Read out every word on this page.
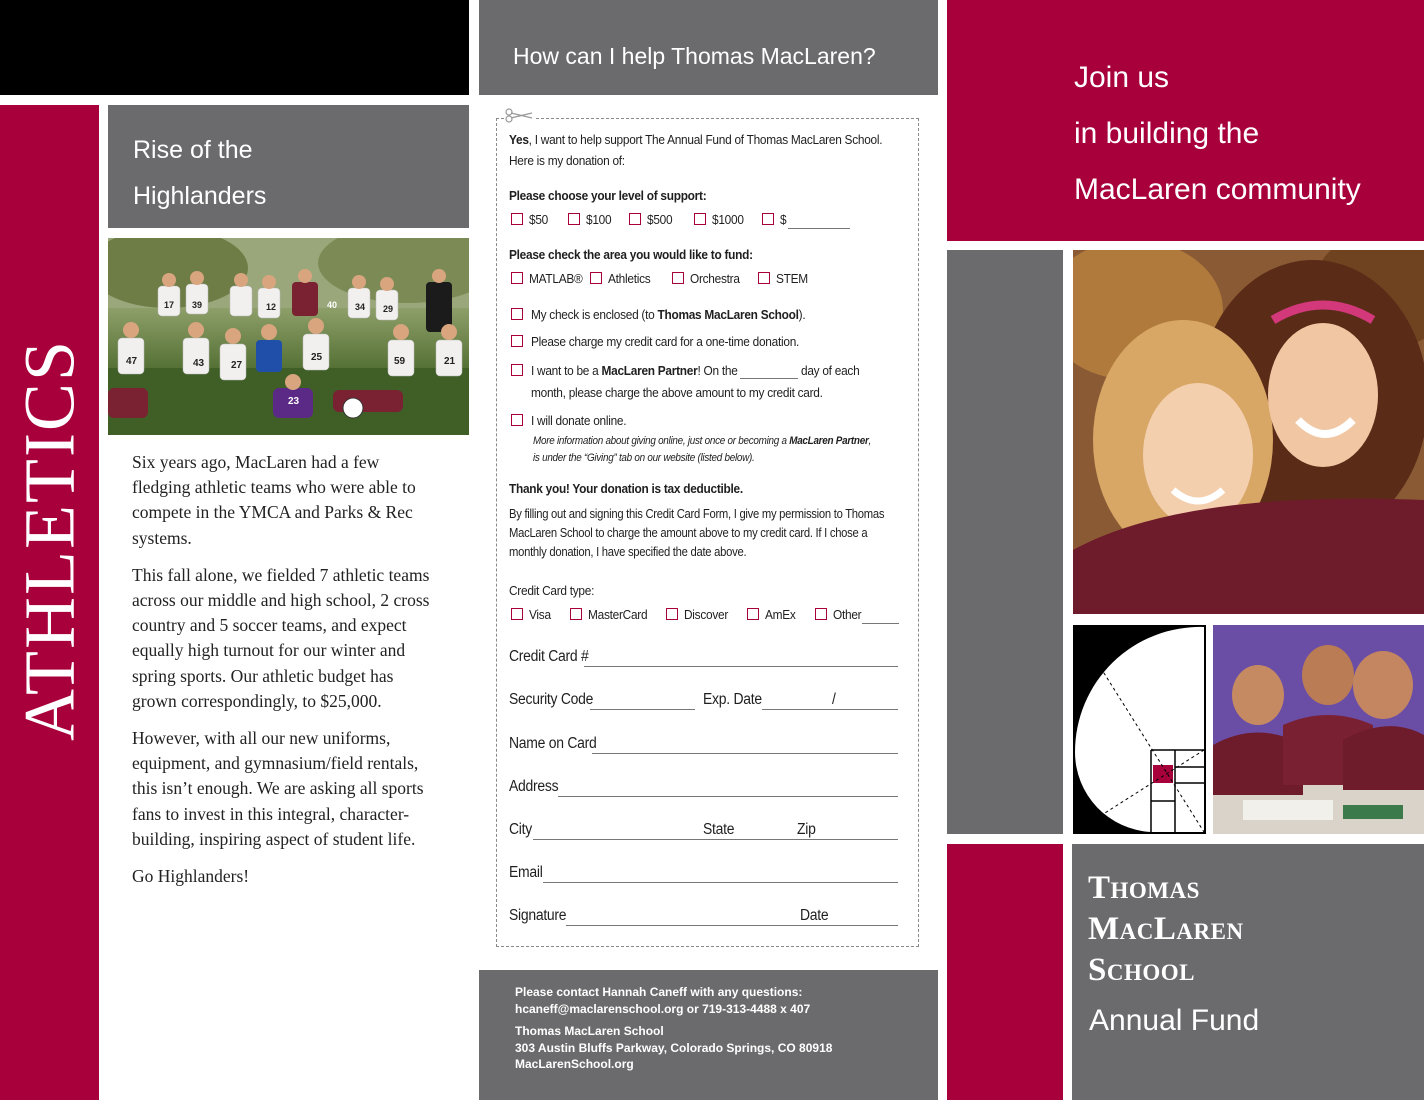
ATHLETICS
Rise of the
Highlanders
47	43
25	59
39	40 34 29
17	12
27
23
21

Six years ago, MacLaren had a few fledging athletic teams who were able to compete in the YMCA and Parks & Rec systems.

This fall alone, we fielded 7 athletic teams across our middle and high school, 2 cross country and 5 soccer teams, and expect equally high turnout for our winter and spring sports. Our athletic budget has grown correspondingly, to $25,000.

However, with all our new uniforms, equipment, and gymnasium/field rentals, this isn’t enough. We are asking all sports fans to invest in this integral, character-building, inspiring aspect of student life.

Go Highlanders!

How can I help Thomas MacLaren?
Yes, I want to help support The Annual Fund of Thomas MacLaren School.
Here is my donation of:
Please choose your level of support:
$50	$100	$500	$1000	$
Please check the area you would like to fund:
MATLAB® Athletics	Orchestra	STEM
My check is enclosed (to Thomas MacLaren School).
Please charge my credit card for a one-time donation.
I want to be a MacLaren Partner! On the	day of each
month, please charge the above amount to my credit card.
I will donate online.
More information about giving online, just once or becoming a MacLaren Partner,
is under the “Giving” tab on our website (listed below).
Thank you! Your donation is tax deductible.
By filling out and signing this Credit Card Form, I give my permission to Thomas
MacLaren School to charge the amount above to my credit card. If I chose a
monthly donation, I have specified the date above.
Credit Card type:
Visa	MasterCard	Discover	AmEx	Other
Credit Card #
Security Code	Exp. Date	/
Name on Card
Address
City	State	Zip
Email
Signature	Date
Please contact Hannah Caneff with any questions:
hcaneff@maclarenschool.org or 719-313-4488 x 407
Thomas MacLaren School
303 Austin Bluffs Parkway, Colorado Springs, CO 80918
MacLarenSchool.org
Join us
in building the
MacLaren community
Thomas
MacLaren
School
Annual Fund
